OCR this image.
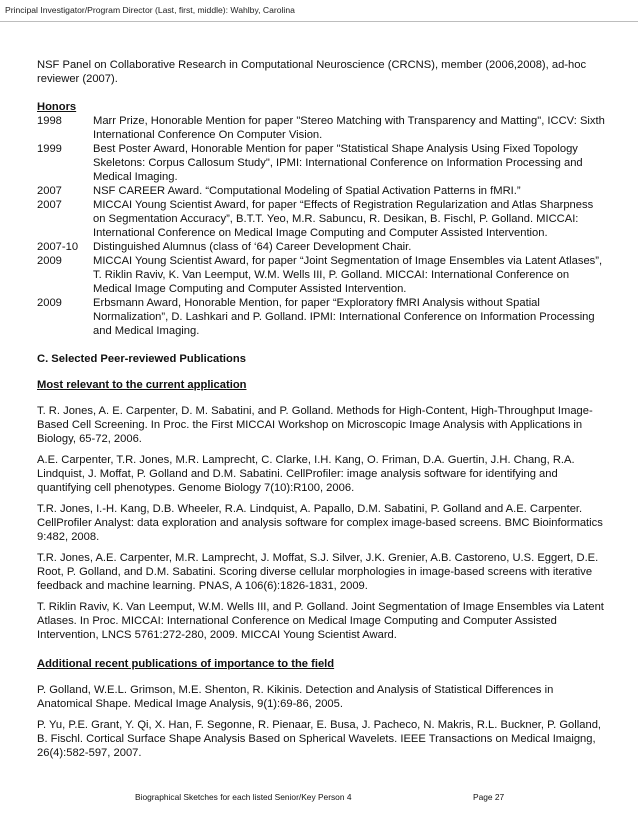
Principal Investigator/Program Director (Last, first, middle): Wahlby, Carolina

NSF Panel on Collaborative Research in Computational Neuroscience (CRCNS), member (2006,2008), ad-hoc reviewer (2007).

Honors
1998	Marr Prize, Honorable Mention for paper "Stereo Matching with Transparency and Matting", ICCV: Sixth International Conference On Computer Vision.
1999	Best Poster Award, Honorable Mention for paper "Statistical Shape Analysis Using Fixed Topology Skeletons: Corpus Callosum Study", IPMI: International Conference on Information Processing and Medical Imaging.
2007	NSF CAREER Award. “Computational Modeling of Spatial Activation Patterns in fMRI.”
2007	MICCAI Young Scientist Award, for paper “Effects of Registration Regularization and Atlas Sharpness on Segmentation Accuracy”, B.T.T. Yeo, M.R. Sabuncu, R. Desikan, B. Fischl, P. Golland. MICCAI: International Conference on Medical Image Computing and Computer Assisted Intervention.
2007-10	Distinguished Alumnus (class of ‘64) Career Development Chair.
2009	MICCAI Young Scientist Award, for paper “Joint Segmentation of Image Ensembles via Latent Atlases”, T. Riklin Raviv, K. Van Leemput, W.M. Wells III, P. Golland. MICCAI: International Conference on Medical Image Computing and Computer Assisted Intervention.
2009	Erbsmann Award, Honorable Mention, for paper “Exploratory fMRI Analysis without Spatial Normalization”, D. Lashkari and P. Golland. IPMI: International Conference on Information Processing and Medical Imaging.
C. Selected Peer-reviewed Publications
Most relevant to the current application

T. R. Jones, A. E. Carpenter, D. M. Sabatini, and P. Golland. Methods for High-Content, High-Throughput Image-Based Cell Screening. In Proc. the First MICCAI Workshop on Microscopic Image Analysis with Applications in Biology, 65-72, 2006.

A.E. Carpenter, T.R. Jones, M.R. Lamprecht, C. Clarke, I.H. Kang, O. Friman, D.A. Guertin, J.H. Chang, R.A. Lindquist, J. Moffat, P. Golland and D.M. Sabatini. CellProfiler: image analysis software for identifying and quantifying cell phenotypes. Genome Biology 7(10):R100, 2006.

T.R. Jones, I.-H. Kang, D.B. Wheeler, R.A. Lindquist, A. Papallo, D.M. Sabatini, P. Golland and A.E. Carpenter. CellProfiler Analyst: data exploration and analysis software for complex image-based screens. BMC Bioinformatics 9:482, 2008.

T.R. Jones, A.E. Carpenter, M.R. Lamprecht, J. Moffat, S.J. Silver, J.K. Grenier, A.B. Castoreno, U.S. Eggert, D.E. Root, P. Golland, and D.M. Sabatini. Scoring diverse cellular morphologies in image-based screens with iterative feedback and machine learning. PNAS, A 106(6):1826-1831, 2009.

T. Riklin Raviv, K. Van Leemput, W.M. Wells III, and P. Golland. Joint Segmentation of Image Ensembles via Latent Atlases. In Proc. MICCAI: International Conference on Medical Image Computing and Computer Assisted Intervention, LNCS 5761:272-280, 2009. MICCAI Young Scientist Award.

Additional recent publications of importance to the field

P. Golland, W.E.L. Grimson, M.E. Shenton, R. Kikinis. Detection and Analysis of Statistical Differences in Anatomical Shape. Medical Image Analysis, 9(1):69-86, 2005.

P. Yu, P.E. Grant, Y. Qi, X. Han, F. Segonne, R. Pienaar, E. Busa, J. Pacheco, N. Makris, R.L. Buckner, P. Golland, B. Fischl. Cortical Surface Shape Analysis Based on Spherical Wavelets. IEEE Transactions on Medical Imaigng, 26(4):582-597, 2007.

Biographical Sketches for each listed Senior/Key Person 4	Page 27
